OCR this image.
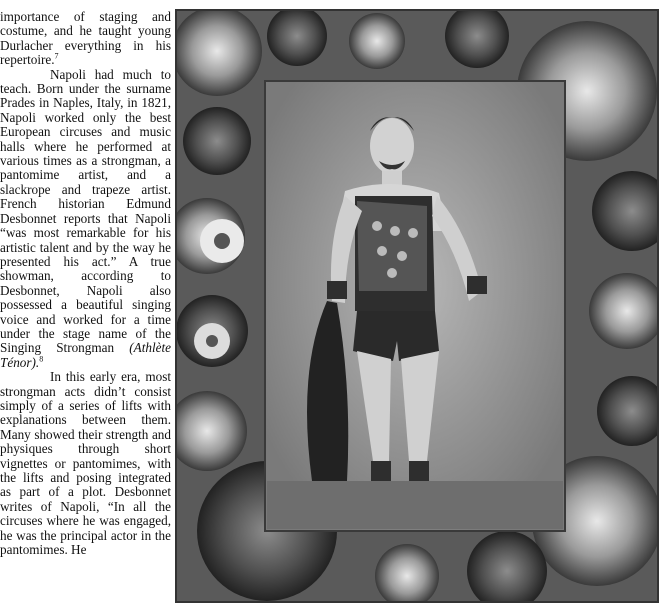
importance of staging and costume, and he taught young Durlacher everything in his repertoire.$^7$

Napoli had much to teach. Born under the surname Prades in Naples, Italy, in 1821, Napoli worked only the best European circuses and music halls where he performed at various times as a strongman, a pantomime artist, and a slackrope and trapeze artist. French historian Edmund Desbonnet reports that Napoli “was most remarkable for his artistic talent and by the way he presented his act.” A true showman, according to Desbonnet, Napoli also possessed a beautiful singing voice and worked for a time under the stage name of the Singing Strongman (Athlète Ténor).$^8$

In this early era, most strongman acts didn’t consist simply of a series of lifts with explanations between them. Many showed their strength and physiques through short vignettes or pantomimes, with the lifts and posing integrated as part of a plot. Desbonnet writes of Napoli, “In all the circuses where he was engaged, he was the principal actor in the pantomimes. He
